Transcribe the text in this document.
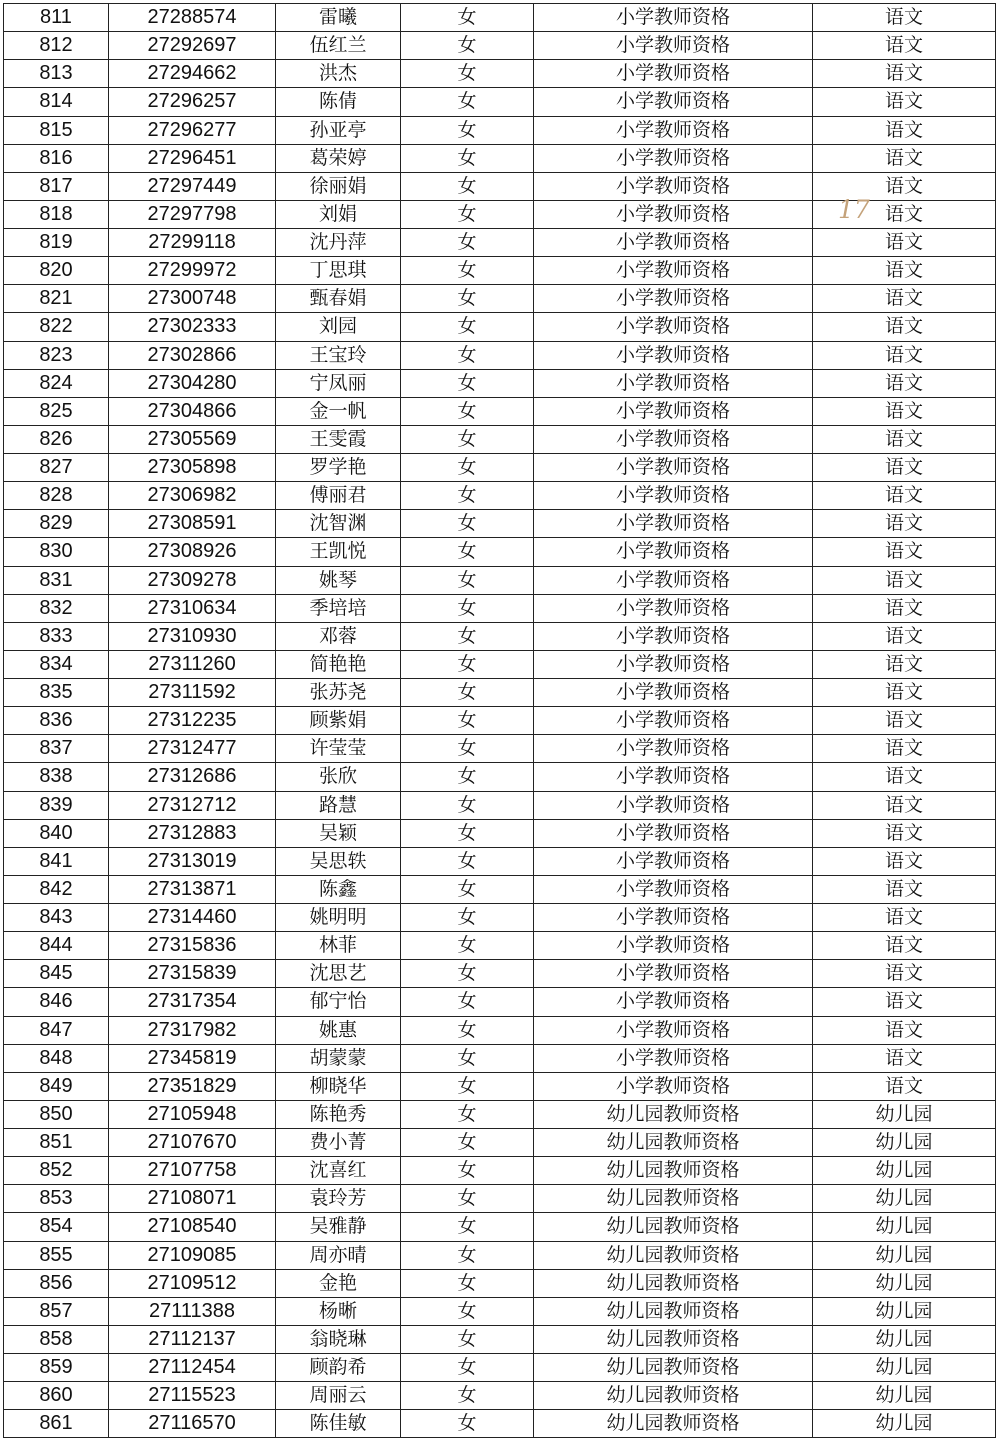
811	27288574	雷曦	女	小学教师资格	语文
812	27292697	伍红兰	女	小学教师资格	语文
813	27294662	洪杰	女	小学教师资格	语文
814	27296257	陈倩	女	小学教师资格	语文
815	27296277	孙亚亭	女	小学教师资格	语文
816	27296451	葛荣婷	女	小学教师资格	语文
817	27297449	徐丽娟	女	小学教师资格	语文
818	27297798	刘娟	女	小学教师资格	语文
819	27299118	沈丹萍	女	小学教师资格	语文
820	27299972	丁思琪	女	小学教师资格	语文
821	27300748	甄春娟	女	小学教师资格	语文
822	27302333	刘园	女	小学教师资格	语文
823	27302866	王宝玲	女	小学教师资格	语文
824	27304280	宁凤丽	女	小学教师资格	语文
825	27304866	金一帆	女	小学教师资格	语文
826	27305569	王雯霞	女	小学教师资格	语文
827	27305898	罗学艳	女	小学教师资格	语文
828	27306982	傅丽君	女	小学教师资格	语文
829	27308591	沈智渊	女	小学教师资格	语文
830	27308926	王凯悦	女	小学教师资格	语文
831	27309278	姚琴	女	小学教师资格	语文
832	27310634	季培培	女	小学教师资格	语文
833	27310930	邓蓉	女	小学教师资格	语文
834	27311260	简艳艳	女	小学教师资格	语文
835	27311592	张苏尧	女	小学教师资格	语文
836	27312235	顾紫娟	女	小学教师资格	语文
837	27312477	许莹莹	女	小学教师资格	语文
838	27312686	张欣	女	小学教师资格	语文
839	27312712	路慧	女	小学教师资格	语文
840	27312883	吴颖	女	小学教师资格	语文
841	27313019	吴思轶	女	小学教师资格	语文
842	27313871	陈鑫	女	小学教师资格	语文
843	27314460	姚明明	女	小学教师资格	语文
844	27315836	林菲	女	小学教师资格	语文
845	27315839	沈思艺	女	小学教师资格	语文
846	27317354	郁宁怡	女	小学教师资格	语文
847	27317982	姚惠	女	小学教师资格	语文
848	27345819	胡蒙蒙	女	小学教师资格	语文
849	27351829	柳晓华	女	小学教师资格	语文
850	27105948	陈艳秀	女	幼儿园教师资格	幼儿园
851	27107670	费小菁	女	幼儿园教师资格	幼儿园
852	27107758	沈喜红	女	幼儿园教师资格	幼儿园
853	27108071	袁玲芳	女	幼儿园教师资格	幼儿园
854	27108540	吴雅静	女	幼儿园教师资格	幼儿园
855	27109085	周亦晴	女	幼儿园教师资格	幼儿园
856	27109512	金艳	女	幼儿园教师资格	幼儿园
857	27111388	杨晰	女	幼儿园教师资格	幼儿园
858	27112137	翁晓琳	女	幼儿园教师资格	幼儿园
859	27112454	顾韵希	女	幼儿园教师资格	幼儿园
860	27115523	周丽云	女	幼儿园教师资格	幼儿园
861	27116570	陈佳敏	女	幼儿园教师资格	幼儿园
17
